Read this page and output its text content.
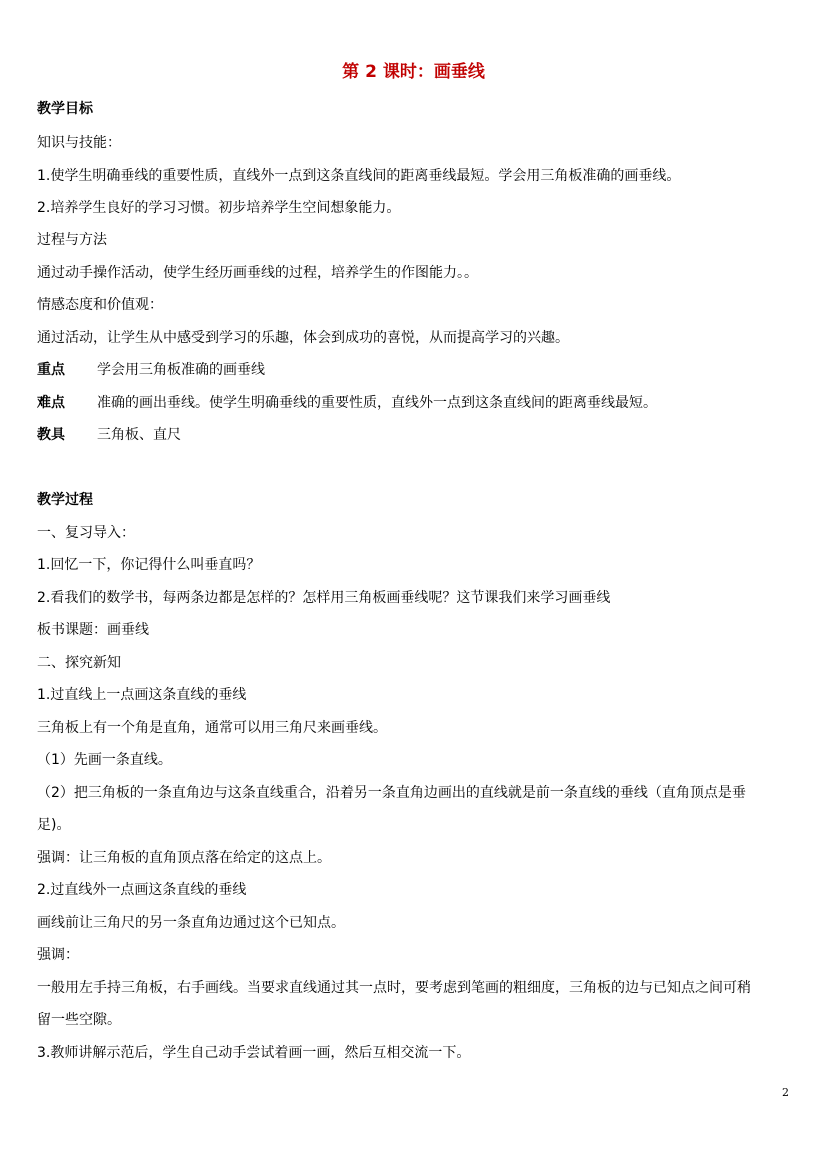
第 2 课时：画垂线
教学目标
知识与技能：
1.使学生明确垂线的重要性质，直线外一点到这条直线间的距离垂线最短。学会用三角板准确的画垂线。
2.培养学生良好的学习习惯。初步培养学生空间想象能力。
过程与方法
通过动手操作活动，使学生经历画垂线的过程，培养学生的作图能力。。
情感态度和价值观：
通过活动，让学生从中感受到学习的乐趣，体会到成功的喜悦，从而提高学习的兴趣。
重点	学会用三角板准确的画垂线
难点	准确的画出垂线。使学生明确垂线的重要性质，直线外一点到这条直线间的距离垂线最短。
教具	三角板、直尺
教学过程
一、复习导入：
1.回忆一下，你记得什么叫垂直吗？
2.看我们的数学书，每两条边都是怎样的？怎样用三角板画垂线呢？这节课我们来学习画垂线
板书课题：画垂线
二、探究新知
1.过直线上一点画这条直线的垂线
三角板上有一个角是直角，通常可以用三角尺来画垂线。
（1）先画一条直线。
（2）把三角板的一条直角边与这条直线重合，沿着另一条直角边画出的直线就是前一条直线的垂线（直角顶点是垂
足)。
强调：让三角板的直角顶点落在给定的这点上。
2.过直线外一点画这条直线的垂线
画线前让三角尺的另一条直角边通过这个已知点。
强调：
一般用左手持三角板，右手画线。当要求直线通过其一点时，要考虑到笔画的粗细度，三角板的边与已知点之间可稍
留一些空隙。
3.教师讲解示范后，学生自己动手尝试着画一画，然后互相交流一下。
2
